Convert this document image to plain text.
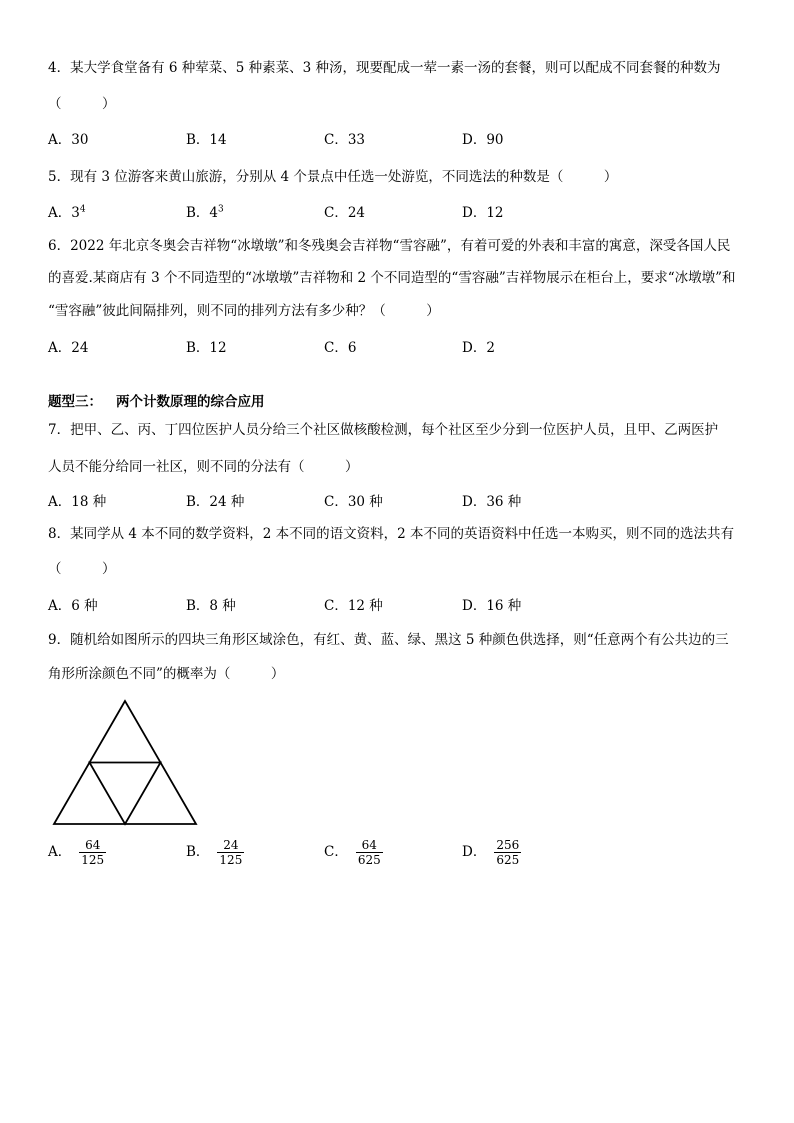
4．某大学食堂备有 6 种荤菜、5 种素菜、3 种汤，现要配成一荤一素一汤的套餐，则可以配成不同套餐的种数为
（　　　）
A．30	B．14	C．33	D．90
5．现有 3 位游客来黄山旅游，分别从 4 个景点中任选一处游览，不同选法的种数是（　　　）
A．$3^4$	B．$4^3$	C．24	D．12
6．2022 年北京冬奥会吉祥物“冰墩墩”和冬残奥会吉祥物“雪容融”，有着可爱的外表和丰富的寓意，深受各国人民
的喜爱.某商店有 3 个不同造型的“冰墩墩”吉祥物和 2 个不同造型的“雪容融”吉祥物展示在柜台上，要求“冰墩墩”和
“雪容融”彼此间隔排列，则不同的排列方法有多少种？（　　　）
A．24	B．12	C．6	D．2
题型三： 两个计数原理的综合应用
7．把甲、乙、丙、丁四位医护人员分给三个社区做核酸检测，每个社区至少分到一位医护人员，且甲、乙两医护
人员不能分给同一社区，则不同的分法有（　　　）
A．18 种	B．24 种	C．30 种	D．36 种
8．某同学从 4 本不同的数学资料，2 本不同的语文资料，2 本不同的英语资料中任选一本购买，则不同的选法共有
（　　　）
A．6 种	B．8 种	C．12 种	D．16 种
9．随机给如图所示的四块三角形区域涂色，有红、黄、蓝、绿、黑这 5 种颜色供选择，则“任意两个有公共边的三
角形所涂颜色不同”的概率为（　　　）
A． $\frac{64}{125}$	B． $\frac{24}{125}$	C． $\frac{64}{625}$	D． $\frac{256}{625}$
